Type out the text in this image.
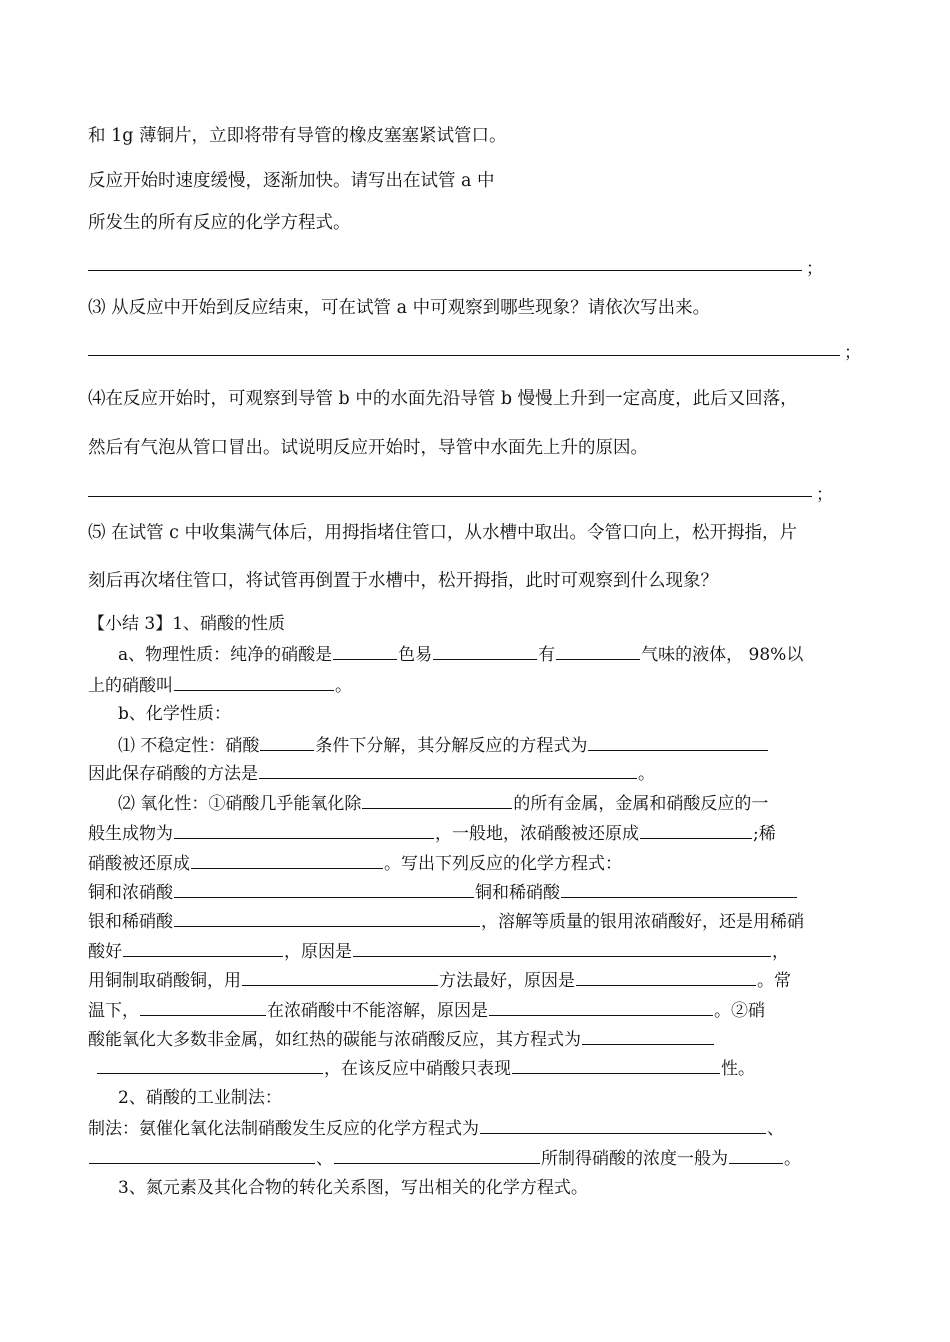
和 1g 薄铜片，立即将带有导管的橡皮塞塞紧试管口。
反应开始时速度缓慢，逐渐加快。请写出在试管 a 中
所发生的所有反应的化学方程式。
；
⑶ 从反应中开始到反应结束，可在试管 a 中可观察到哪些现象？请依次写出来。
；
⑷在反应开始时，可观察到导管 b 中的水面先沿导管 b 慢慢上升到一定高度，此后又回落，
然后有气泡从管口冒出。试说明反应开始时，导管中水面先上升的原因。
；
⑸ 在试管 c 中收集满气体后，用拇指堵住管口，从水槽中取出。令管口向上，松开拇指，片
刻后再次堵住管口，将试管再倒置于水槽中，松开拇指，此时可观察到什么现象？
【小结 3】1、硝酸的性质
a、物理性质：纯净的硝酸是	色易	有	气味的液体， 98%以
上的硝酸叫	。
b、化学性质：
⑴ 不稳定性：硝酸	条件下分解，其分解反应的方程式为
因此保存硝酸的方法是	。
⑵ 氧化性：①硝酸几乎能氧化除	的所有金属，金属和硝酸反应的一
般生成物为	，一般地，浓硝酸被还原成	;稀
硝酸被还原成	。写出下列反应的化学方程式：
铜和浓硝酸	铜和稀硝酸
银和稀硝酸	，溶解等质量的银用浓硝酸好，还是用稀硝
酸好	，原因是	，
用铜制取硝酸铜，用	方法最好，原因是	。常
温下，	在浓硝酸中不能溶解，原因是	。②硝
酸能氧化大多数非金属，如红热的碳能与浓硝酸反应，其方程式为
，在该反应中硝酸只表现	性。
2、硝酸的工业制法：
制法：氨催化氧化法制硝酸发生反应的化学方程式为	、
、	所制得硝酸的浓度一般为	。
3、氮元素及其化合物的转化关系图，写出相关的化学方程式。
